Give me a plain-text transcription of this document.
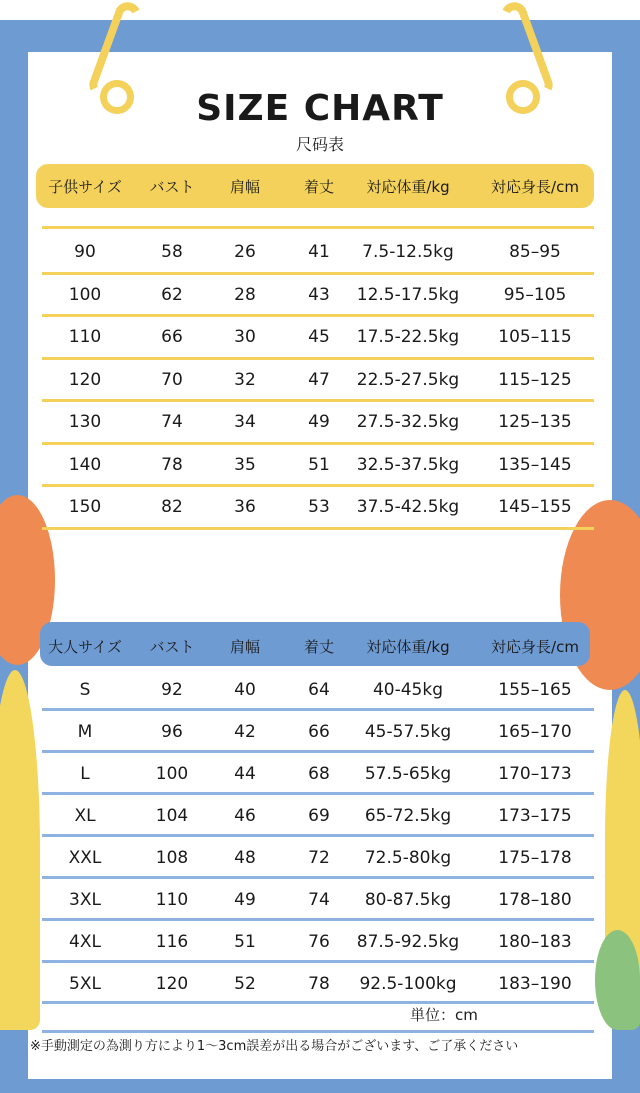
SIZE CHART
尺码表
子供サイズ	バスト	肩幅	着丈	対応体重/kg	対応身長/cm
90	58	26	41	7.5-12.5kg	85–95
100	62	28	43	12.5-17.5kg	95–105
110	66	30	45	17.5-22.5kg	105–115
120	70	32	47	22.5-27.5kg	115–125
130	74	34	49	27.5-32.5kg	125–135
140	78	35	51	32.5-37.5kg	135–145
150	82	36	53	37.5-42.5kg	145–155
大人サイズ	バスト	肩幅	着丈	対応体重/kg	対応身長/cm
S	92	40	64	40-45kg	155–165
M	96	42	66	45-57.5kg	165–170
L	100	44	68	57.5-65kg	170–173
XL	104	46	69	65-72.5kg	173–175
XXL	108	48	72	72.5-80kg	175–178
3XL	110	49	74	80-87.5kg	178–180
4XL	116	51	76	87.5-92.5kg	180–183
5XL	120	52	78	92.5-100kg	183–190
単位：cm
※手動測定の為測り方により1〜3cm誤差が出る場合がございます、ご了承ください
